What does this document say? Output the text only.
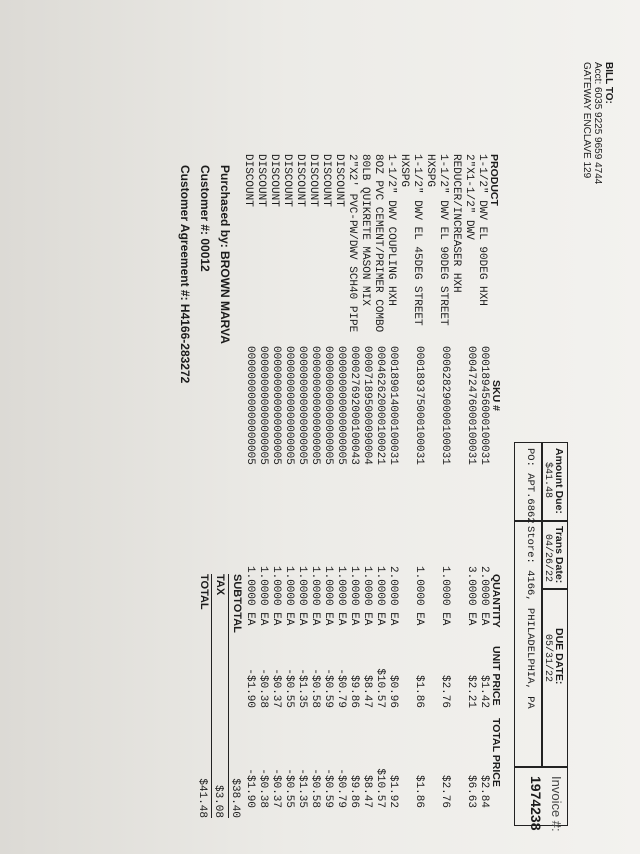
BILL TO:
Acct: 6035 9225 9659 4744
GATEWAY ENCLAVE 129
Amount Due:
$41.48
Trans Date:
04/26/22
DUE DATE:
05/31/22
PO: APT.6862
Store: 4166, PHILADELPHIA, PA
Invoice #:
1974238
PRODUCT
SKU #
QUANTITY
UNIT PRICE
TOTAL PRICE
1-1/2" DWV EL 90DEG HXH
2"X1-1/2" DWV
REDUCER/INCREASER HXH
1-1/2" DWV EL 90DEG STREET
HXSPG
1-1/2" DWV EL 45DEG STREET
HXSPG
1-1/2" DWV COUPLING HXH
8OZ PVC CEMENT/PRIMER COMBO
80LB QUIKRETE MASON MIX
2"X2' PVC-PW/DWV SCH40 PIPE
DISCOUNT
DISCOUNT
DISCOUNT
DISCOUNT
DISCOUNT
DISCOUNT
DISCOUNT
DISCOUNT
000189456000100031
000472476000100031

000628290000100031

000189375000100031

000189014000100031
000462620000100021
000071895000090004
000027692000100043
000000000000000005
000000000000000005
000000000000000005
000000000000000005
000000000000000005
000000000000000005
000000000000000005
000000000000000005
2.0000 EA
3.0000 EA

1.0000 EA

1.0000 EA

2.0000 EA
1.0000 EA
1.0000 EA
1.0000 EA
1.0000 EA
1.0000 EA
1.0000 EA
1.0000 EA
1.0000 EA
1.0000 EA
1.0000 EA
1.0000 EA
$1.42
$2.21

$2.76

$1.86

$0.96
$10.57
$8.47
$9.86
-$0.79
-$0.59
-$0.58
-$1.35
-$0.55
-$0.37
-$0.38
-$1.90
$2.84
$6.63

$2.76

$1.86

$1.92
$10.57
$8.47
$9.86
-$0.79
-$0.59
-$0.58
-$1.35
-$0.55
-$0.37
-$0.38
-$1.90
SUBTOTAL
$38.40
TAX
$3.08
TOTAL
$41.48
Purchased by: BROWN MARVA
Customer #: 00012
Customer Agreement #: H4166-283272
